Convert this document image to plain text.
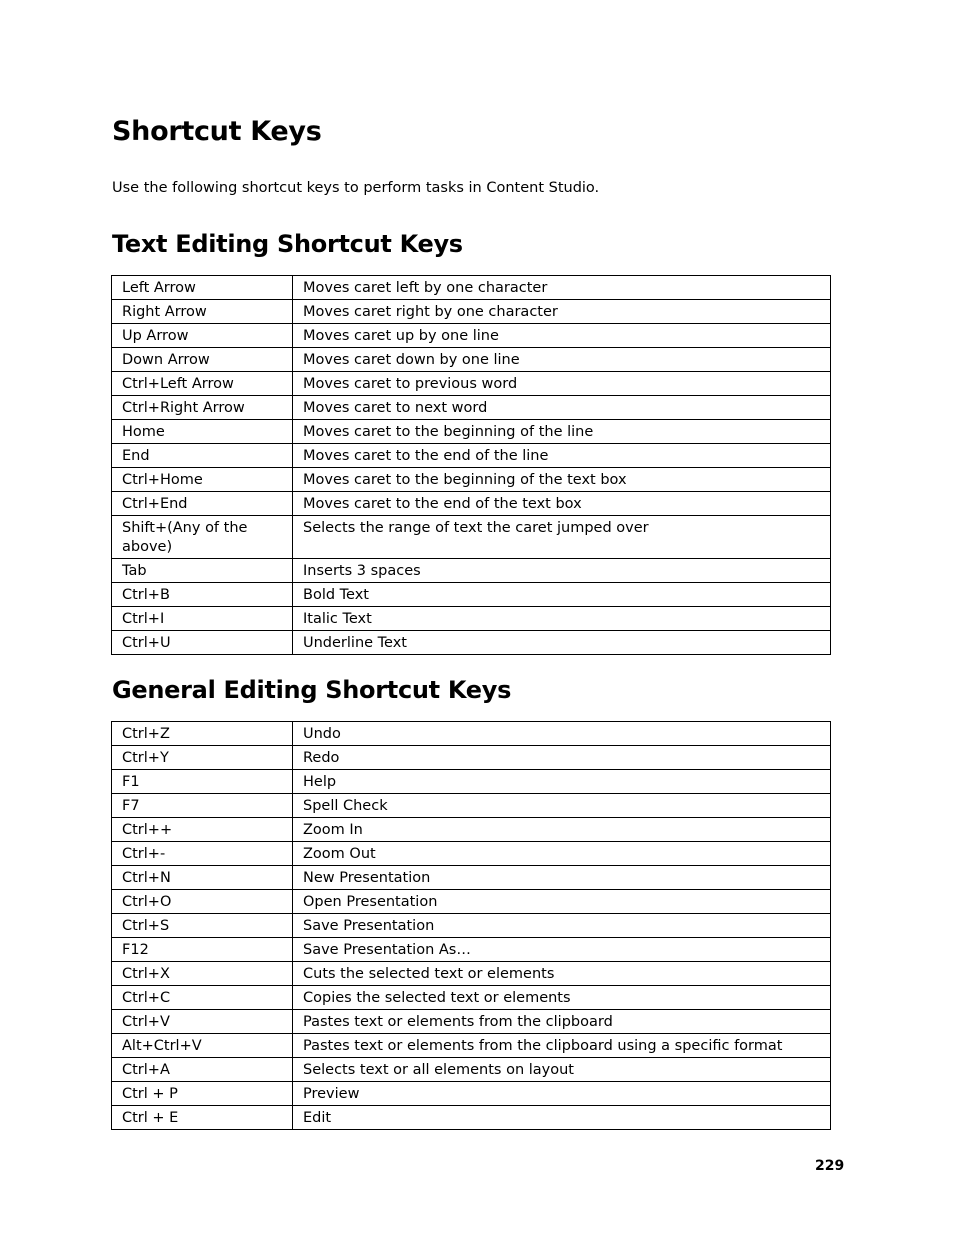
Shortcut Keys

Use the following shortcut keys to perform tasks in Content Studio.

Text Editing Shortcut Keys
Left Arrow	Moves caret left by one character
Right Arrow	Moves caret right by one character
Up Arrow	Moves caret up by one line
Down Arrow	Moves caret down by one line
Ctrl+Left Arrow	Moves caret to previous word
Ctrl+Right Arrow	Moves caret to next word
Home	Moves caret to the beginning of the line
End	Moves caret to the end of the line
Ctrl+Home	Moves caret to the beginning of the text box
Ctrl+End	Moves caret to the end of the text box
Shift+(Any of the above)	Selects the range of text the caret jumped over
Tab	Inserts 3 spaces
Ctrl+B	Bold Text
Ctrl+I	Italic Text
Ctrl+U	Underline Text
General Editing Shortcut Keys
Ctrl+Z	Undo
Ctrl+Y	Redo
F1	Help
F7	Spell Check
Ctrl++	Zoom In
Ctrl+-	Zoom Out
Ctrl+N	New Presentation
Ctrl+O	Open Presentation
Ctrl+S	Save Presentation
F12	Save Presentation As…
Ctrl+X	Cuts the selected text or elements
Ctrl+C	Copies the selected text or elements
Ctrl+V	Pastes text or elements from the clipboard
Alt+Ctrl+V	Pastes text or elements from the clipboard using a specific format
Ctrl+A	Selects text or all elements on layout
Ctrl + P	Preview
Ctrl + E	Edit
229
